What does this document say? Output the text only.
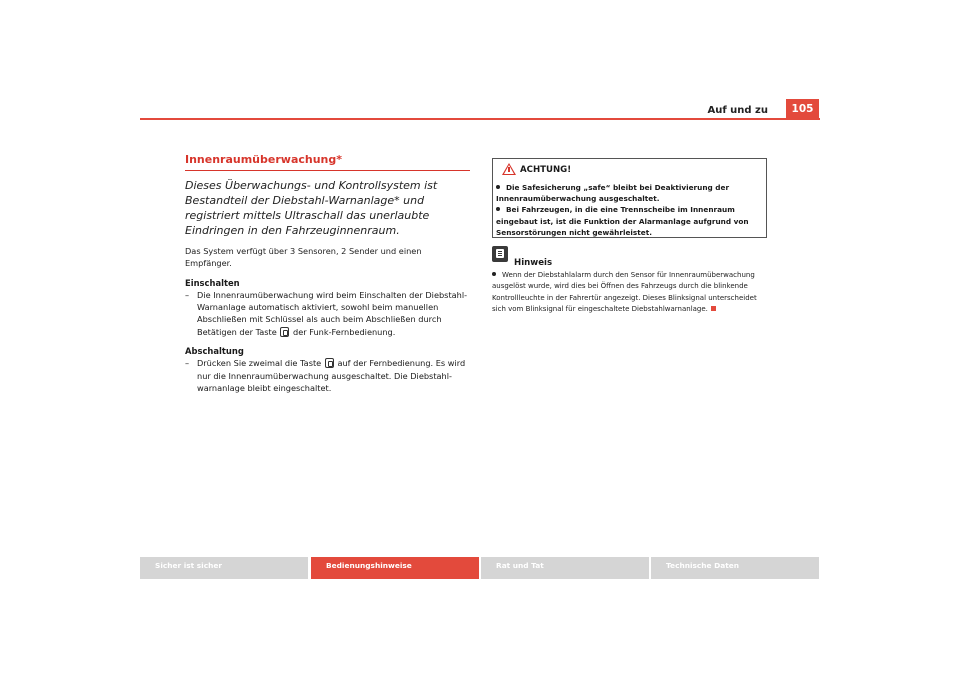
Auf und zu	105
Innenraumüberwachung*
Dieses Überwachungs- und Kontrollsystem ist Bestandteil der Diebstahl-Warnanlage* und registriert mittels Ultraschall das unerlaubte Eindringen in den Fahrzeuginnenraum.
Das System verfügt über 3 Sensoren, 2 Sender und einen Empfänger.
Einschalten
– Die Innenraumüberwachung wird beim Einschalten der Diebstahl-Warnanlage automatisch aktiviert, sowohl beim manuellen Abschließen mit Schlüssel als auch beim Abschließen durch Betätigen der Taste der Funk-Fernbedienung.
Abschaltung
– Drücken Sie zweimal die Taste auf der Fernbedienung. Es wird nur die Innenraumüberwachung ausgeschaltet. Die Diebstahlwarnanlage bleibt eingeschaltet.
ACHTUNG!
Die Safesicherung „safe“ bleibt bei Deaktivierung der Innenraumüberwachung ausgeschaltet.
Bei Fahrzeugen, in die eine Trennscheibe im Innenraum eingebaut ist, ist die Funktion der Alarmanlage aufgrund von Sensorstörungen nicht gewährleistet.
Hinweis
Wenn der Diebstahlalarm durch den Sensor für Innenraumüberwachung ausgelöst wurde, wird dies bei Öffnen des Fahrzeugs durch die blinkende Kontrollleuchte in der Fahrertür angezeigt. Dieses Blinksignal unterscheidet sich vom Blinksignal für eingeschaltete Diebstahlwarnanlage.
Sicher ist sicher	Bedienungshinweise	Rat und Tat	Technische Daten
